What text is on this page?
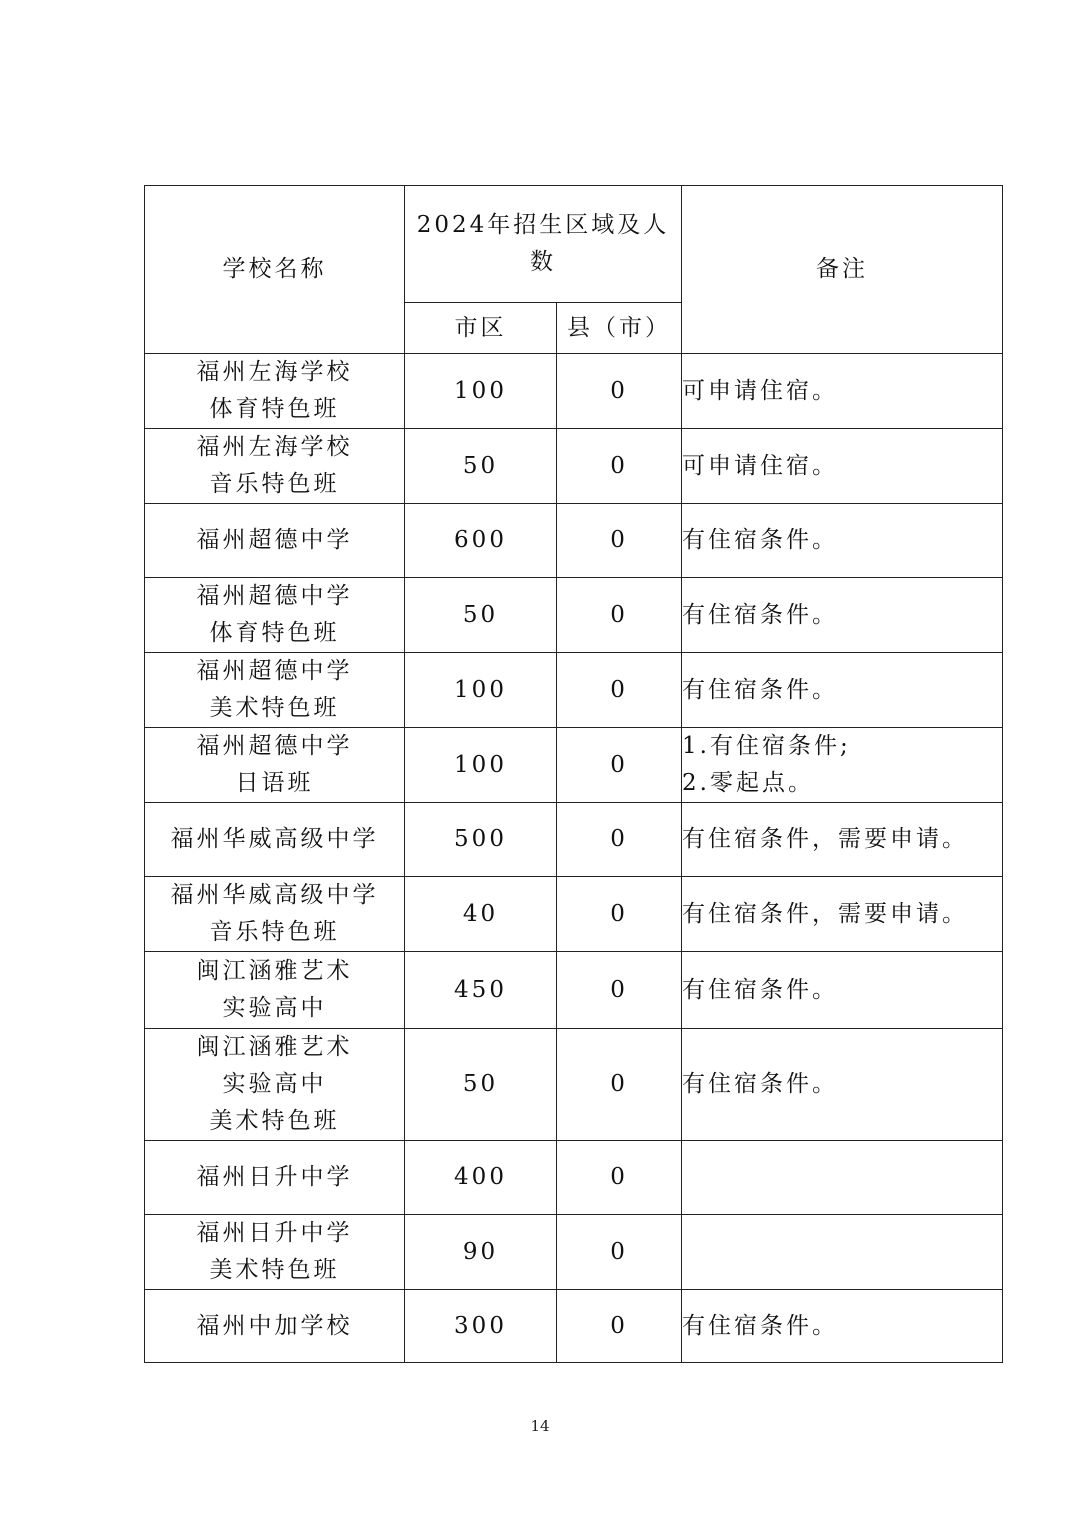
学校名称	2024年招生区域及人数		备注
	市区	县（市）	

福州左海学校
体育特色班	100	0	可申请住宿。

福州左海学校
音乐特色班	50	0	可申请住宿。

福州超德中学	600	0	有住宿条件。

福州超德中学
体育特色班	50	0	有住宿条件。

福州超德中学
美术特色班	100	0	有住宿条件。

福州超德中学
日语班	100	0	1.有住宿条件;
2.零起点。

福州华威高级中学	500	0	有住宿条件，需要申请。

福州华威高级中学
音乐特色班	40	0	有住宿条件，需要申请。

闽江涵雅艺术
实验高中	450	0	有住宿条件。

闽江涵雅艺术
实验高中
美术特色班	50	0	有住宿条件。

福州日升中学	400	0	

福州日升中学
美术特色班	90	0	

福州中加学校	300	0	有住宿条件。
14
